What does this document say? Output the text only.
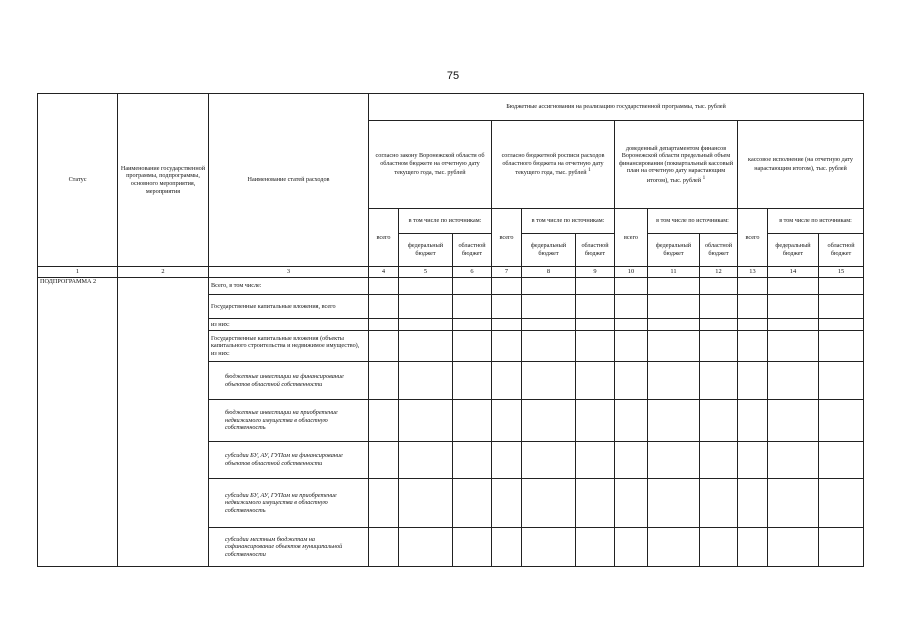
75
Статус	Наименование государственной программы, подпрограммы, основного мероприятия, мероприятия	Наименование статей расходов	Бюджетные ассигнования на реализацию государственной программы, тыс. рублей											
			согласно закону Воронежской области об областном бюджете на отчетную дату текущего года, тыс. рублей			согласно бюджетной росписи расходов областного бюджета на отчетную дату текущего года, тыс. рублей $^1$			доведенный департаментом финансов Воронежской области предельный объем финансирования (поквартальный кассовый план на отчетную дату нарастающим итогом), тыс. рублей $^1$			кассовое исполнение (на отчетную дату нарастающим итогом), тыс. рублей		
			всего	в том числе по источникам:		всего	в том числе по источникам:		всего	в том числе по источникам:		всего	в том числе по источникам:	
				федеральный бюджет	областной бюджет		федеральный бюджет	областной бюджет		федеральный бюджет	областной бюджет		федеральный бюджет	областной бюджет
1	2	3	4	5	6	7	8	9	10	11	12	13	14	15
ПОДПРОГРАММА 2		Всего, в том числе:												
		Государственные капитальные вложения, всего												
		из них:												
		Государственные капитальные вложения (объекты капитального строительства и недвижимое имущество), из них:												
		бюджетные инвестиции на финансирование объектов областной собственности												
		бюджетные инвестиции на приобретение недвижимого имущества в областную собственность												
		субсидии БУ, АУ, ГУПам на финансирование объектов областной собственности												
		субсидии БУ, АУ, ГУПам на приобретение недвижимого имущества в областную собственность												
		субсидии местным бюджетам на софинансирование объектов муниципальной собственности												
